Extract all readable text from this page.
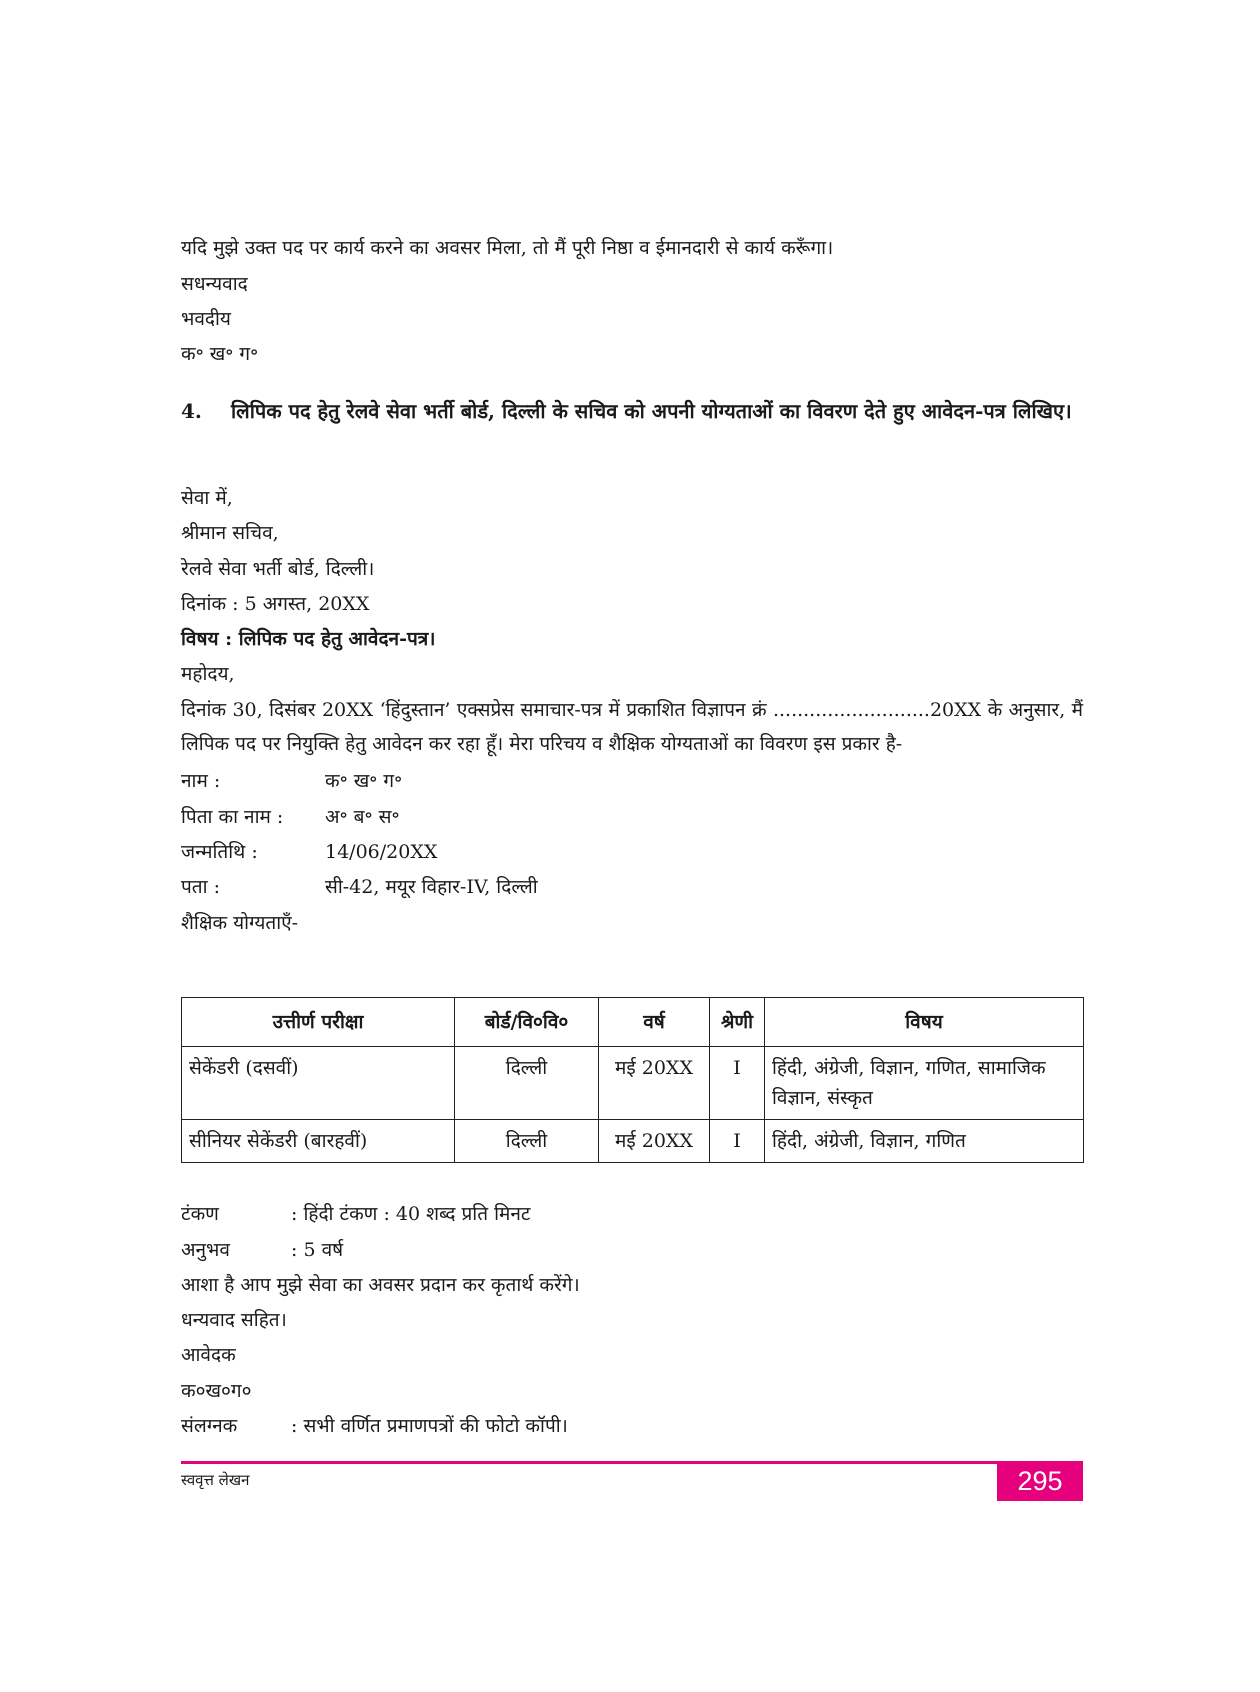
यदि मुझे उक्त पद पर कार्य करने का अवसर मिला, तो मैं पूरी निष्ठा व ईमानदारी से कार्य करूँगा।
सधन्यवाद
भवदीय
क॰ ख॰ ग॰
4. लिपिक पद हेतु रेलवे सेवा भर्ती बोर्ड, दिल्ली के सचिव को अपनी योग्यताओं का विवरण देते हुए आवेदन-पत्र लिखिए।
सेवा में,
श्रीमान सचिव,
रेलवे सेवा भर्ती बोर्ड, दिल्ली।
दिनांक : 5 अगस्त, 20XX
विषय : लिपिक पद हेतु आवेदन-पत्र।
महोदय,
दिनांक 30, दिसंबर 20XX ‘हिंदुस्तान’ एक्सप्रेस समाचार-पत्र में प्रकाशित विज्ञापन क्रं ..........................20XX के अनुसार, मैं लिपिक पद पर नियुक्ति हेतु आवेदन कर रहा हूँ। मेरा परिचय व शैक्षिक योग्यताओं का विवरण इस प्रकार है-
नाम :	क॰ ख॰ ग॰
पिता का नाम : अ॰ ब॰ स॰
जन्मतिथि :	14/06/20XX
पता :	सी-42, मयूर विहार-IV, दिल्ली
शैक्षिक योग्यताएँ-
उत्तीर्ण परीक्षा	बोर्ड/वि०वि०	वर्ष	श्रेणी	विषय
सेकेंडरी (दसवीं)	दिल्ली	मई 20XX	I	हिंदी, अंग्रेजी, विज्ञान, गणित, सामाजिक विज्ञान, संस्कृत
सीनियर सेकेंडरी (बारहवीं)	दिल्ली	मई 20XX	I	हिंदी, अंग्रेजी, विज्ञान, गणित
टंकण	: हिंदी टंकण : 40 शब्द प्रति मिनट
अनुभव	: 5 वर्ष
आशा है आप मुझे सेवा का अवसर प्रदान कर कृतार्थ करेंगे।
धन्यवाद सहित।
आवेदक
क०ख०ग०
संलग्नक	: सभी वर्णित प्रमाणपत्रों की फोटो कॉपी।
स्ववृत्त लेखन	295
